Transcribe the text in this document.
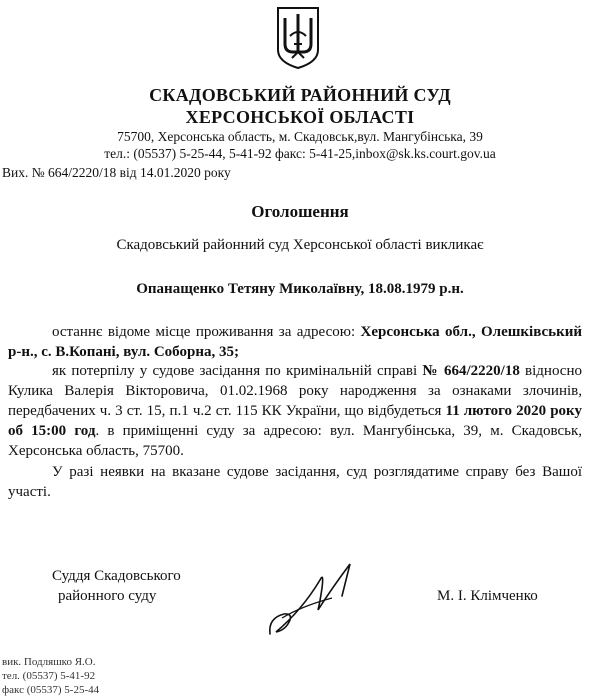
СКАДОВСЬКИЙ РАЙОННИЙ СУД
ХЕРСОНСЬКОЇ ОБЛАСТІ
75700, Херсонська область, м. Скадовськ,вул. Мангубінська, 39
тел.: (05537) 5-25-44, 5-41-92 факс: 5-41-25,inbox@sk.ks.court.gov.ua
Вих. № 664/2220/18 від 14.01.2020 року
Оголошення
Скадовський районний суд Херсонської області викликає
Опанащенко Тетяну Миколаївну, 18.08.1979 р.н.
останнє відоме місце проживання за адресою: Херсонська обл., Олешківський р-н., с. В.Копані, вул. Соборна, 35;
як потерпілу у судове засідання по кримінальній справі № 664/2220/18 відносно Кулика Валерія Вікторовича, 01.02.1968 року народження за ознаками злочинів, передбачених ч. 3 ст. 15, п.1 ч.2 ст. 115 КК України, що відбудеться 11 лютого 2020 року об 15:00 год. в приміщенні суду за адресою: вул. Мангубінська, 39, м. Скадовськ, Херсонська область, 75700.
У разі неявки на вказане судове засідання, суд розглядатиме справу без Вашої участі.
Суддя Скадовського
районного суду	М. І. Клімченко
вик. Подляшко Я.О.
тел. (05537) 5-41-92
факс (05537) 5-25-44
